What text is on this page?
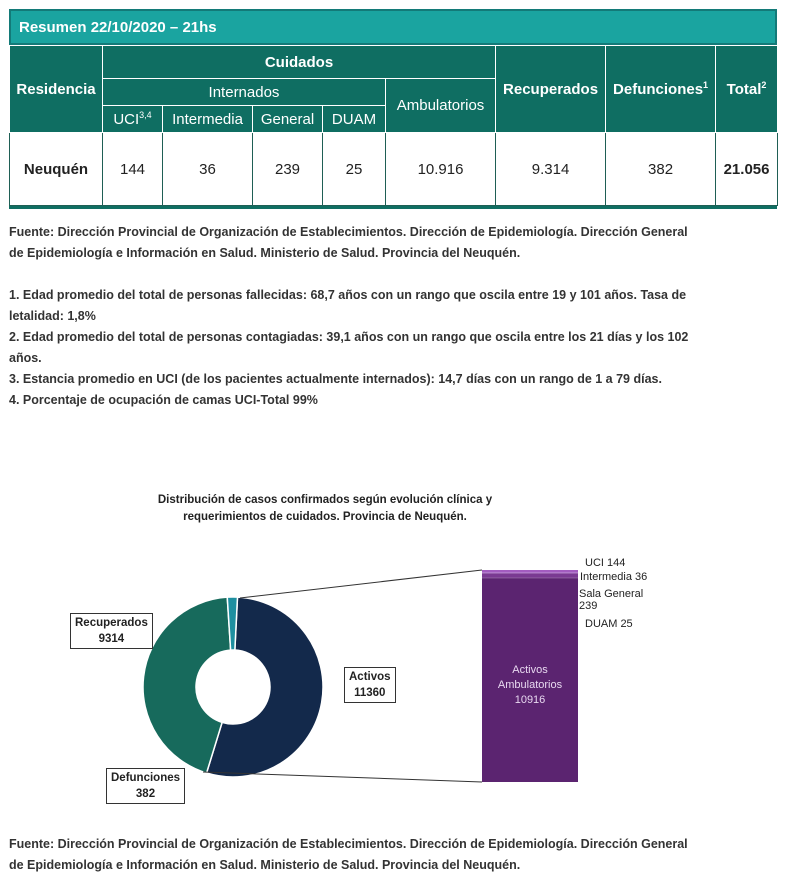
Resumen 22/10/2020 – 21hs
Residencia	Cuidados					Recuperados	Defunciones$^1$	Total$^2$
	Internados				Ambulatorios			
	UCI$^{3,4}$	Intermedia	General	DUAM				
Neuquén	144	36	239	25	10.916	9.314	382	21.056

Fuente: Dirección Provincial de Organización de Establecimientos. Dirección de Epidemiología. Dirección General

de Epidemiología e Información en Salud. Ministerio de Salud. Provincia del Neuquén.

1. Edad promedio del total de personas fallecidas: 68,7 años con un rango que oscila entre 19 y 101 años. Tasa de

letalidad: 1,8%

2. Edad promedio del total de personas contagiadas: 39,1 años con un rango que oscila entre los 21 días y los 102

años.

3. Estancia promedio en UCI (de los pacientes actualmente internados): 14,7 días con un rango de 1 a 79 días.

4. Porcentaje de ocupación de camas UCI-Total 99%

Distribución de casos confirmados según evolución clínica y
requerimientos de cuidados. Provincia de Neuquén.
Recuperados
9314
Activos
11360
Defunciones
382
Activos
Ambulatorios
10916
UCI 144
Intermedia 36
Sala General
239
DUAM 25

Fuente: Dirección Provincial de Organización de Establecimientos. Dirección de Epidemiología. Dirección General

de Epidemiología e Información en Salud. Ministerio de Salud. Provincia del Neuquén.
